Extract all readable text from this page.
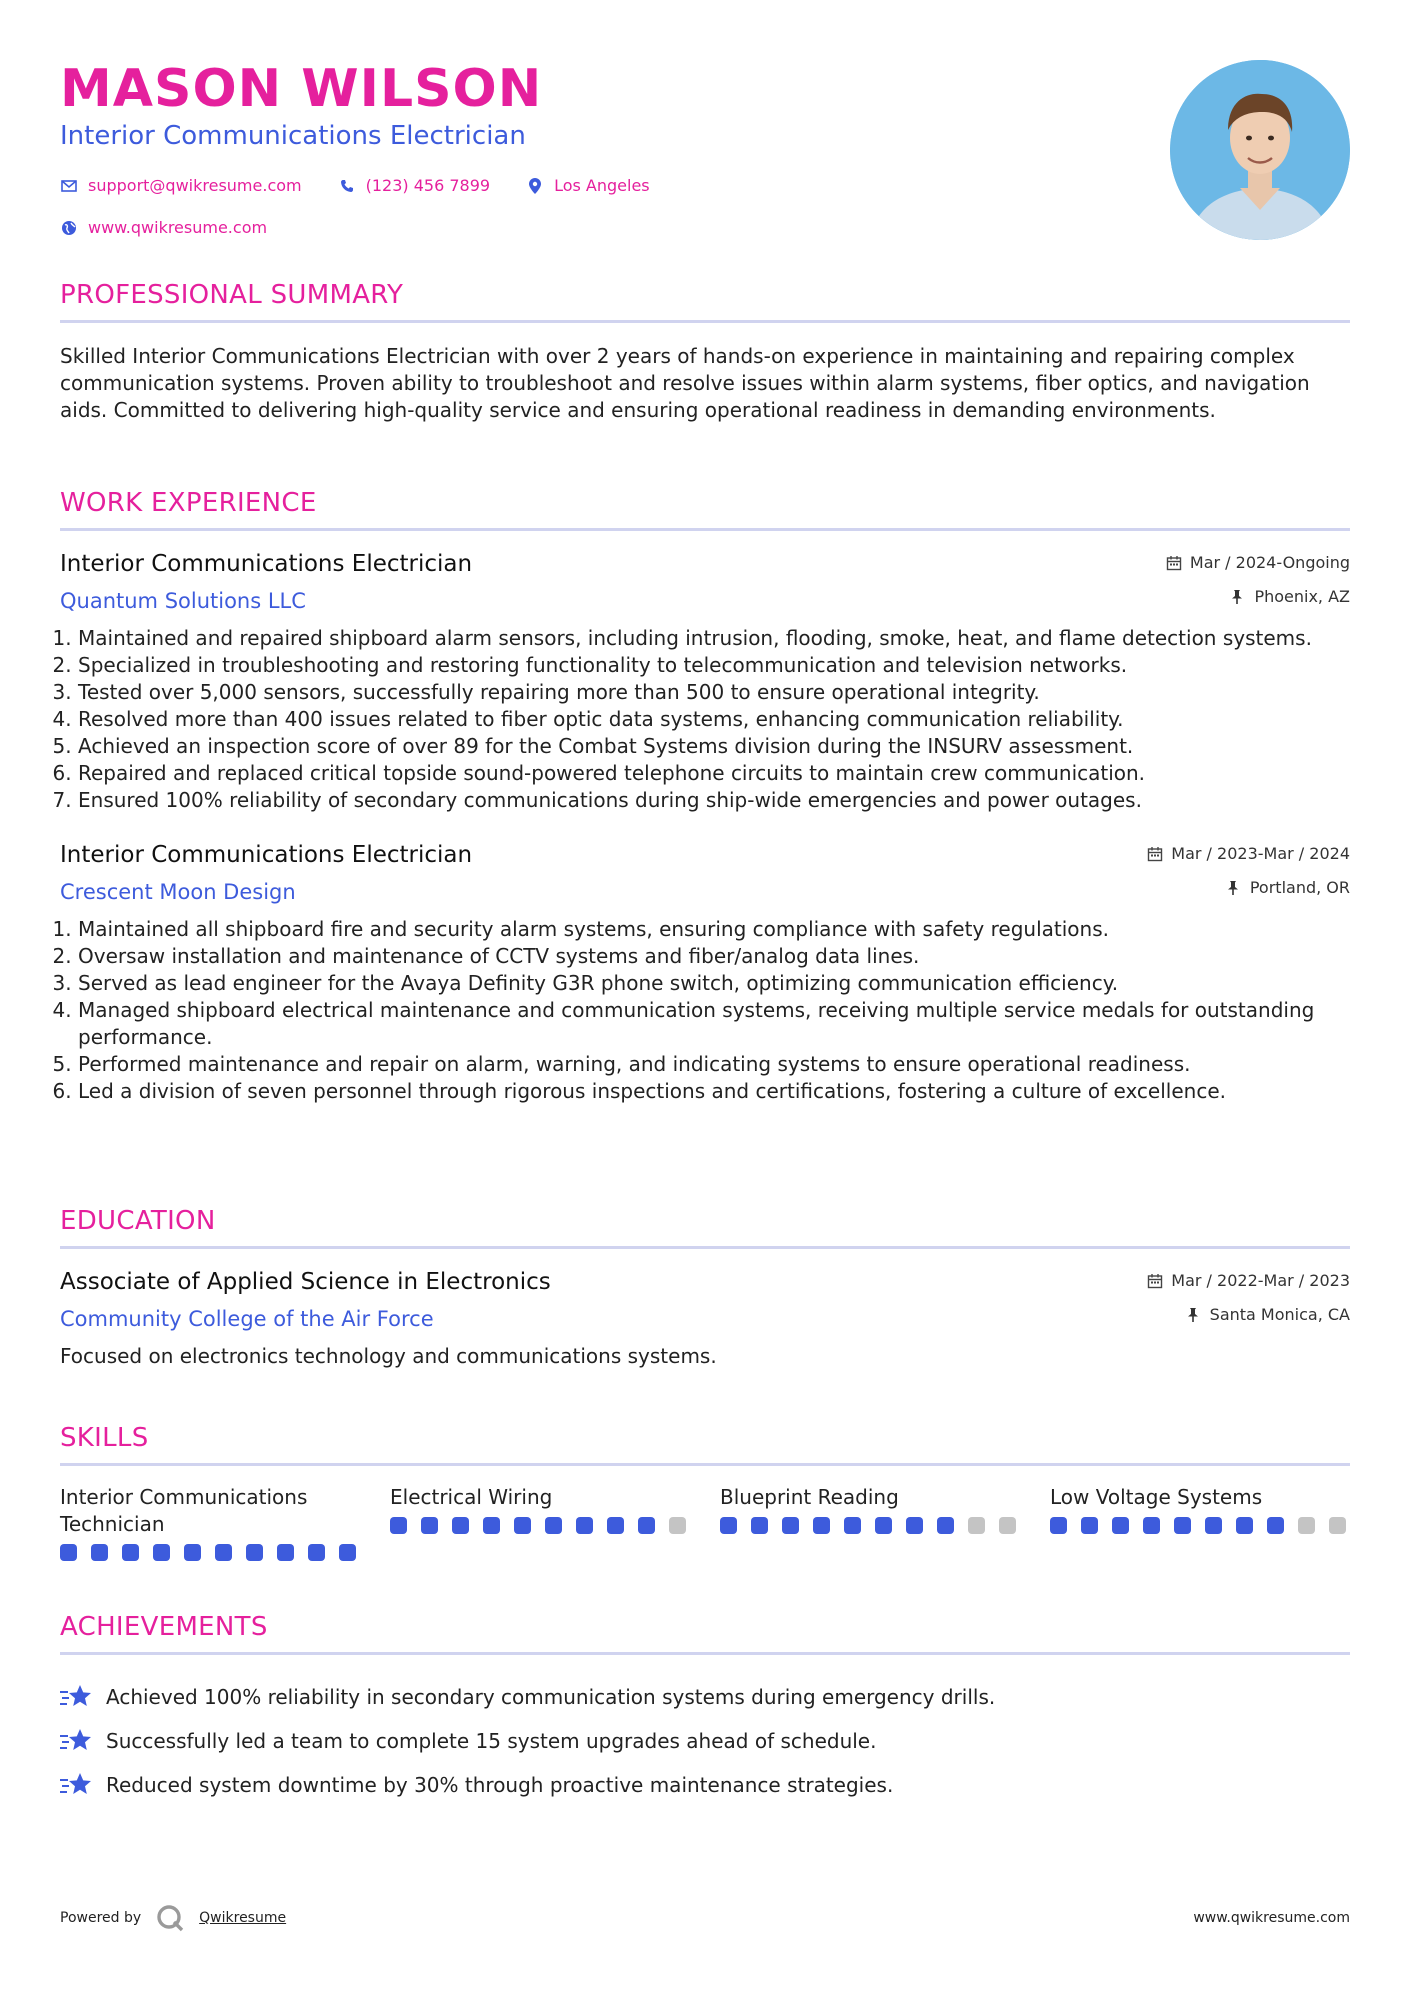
MASON WILSON
Interior Communications Electrician
support@qwikresume.com	(123) 456 7899	Los Angeles
www.qwikresume.com
PROFESSIONAL SUMMARY

Skilled Interior Communications Electrician with over 2 years of hands-on experience in maintaining and repairing complex communication systems. Proven ability to troubleshoot and resolve issues within alarm systems, fiber optics, and navigation aids. Committed to delivering high-quality service and ensuring operational readiness in demanding environments.

WORK EXPERIENCE
Interior Communications Electrician
Quantum Solutions LLC
Mar / 2024-Ongoing
Phoenix, AZ
1. Maintained and repaired shipboard alarm sensors, including intrusion, flooding, smoke, heat, and flame detection systems.
2. Specialized in troubleshooting and restoring functionality to telecommunication and television networks.
3. Tested over 5,000 sensors, successfully repairing more than 500 to ensure operational integrity.
4. Resolved more than 400 issues related to fiber optic data systems, enhancing communication reliability.
5. Achieved an inspection score of over 89 for the Combat Systems division during the INSURV assessment.
6. Repaired and replaced critical topside sound-powered telephone circuits to maintain crew communication.
7. Ensured 100% reliability of secondary communications during ship-wide emergencies and power outages.
Interior Communications Electrician
Crescent Moon Design
Mar / 2023-Mar / 2024
Portland, OR
1. Maintained all shipboard fire and security alarm systems, ensuring compliance with safety regulations.
2. Oversaw installation and maintenance of CCTV systems and fiber/analog data lines.
3. Served as lead engineer for the Avaya Definity G3R phone switch, optimizing communication efficiency.
4. Managed shipboard electrical maintenance and communication systems, receiving multiple service medals for outstanding performance.
5. Performed maintenance and repair on alarm, warning, and indicating systems to ensure operational readiness.
6. Led a division of seven personnel through rigorous inspections and certifications, fostering a culture of excellence.
EDUCATION
Associate of Applied Science in Electronics
Community College of the Air Force
Mar / 2022-Mar / 2023
Santa Monica, CA

Focused on electronics technology and communications systems.

SKILLS
Interior Communications Technician
Electrical Wiring	Blueprint Reading	Low Voltage Systems
ACHIEVEMENTS
Achieved 100% reliability in secondary communication systems during emergency drills.
Successfully led a team to complete 15 system upgrades ahead of schedule.
Reduced system downtime by 30% through proactive maintenance strategies.
Powered by	Qwikresume	www.qwikresume.com
